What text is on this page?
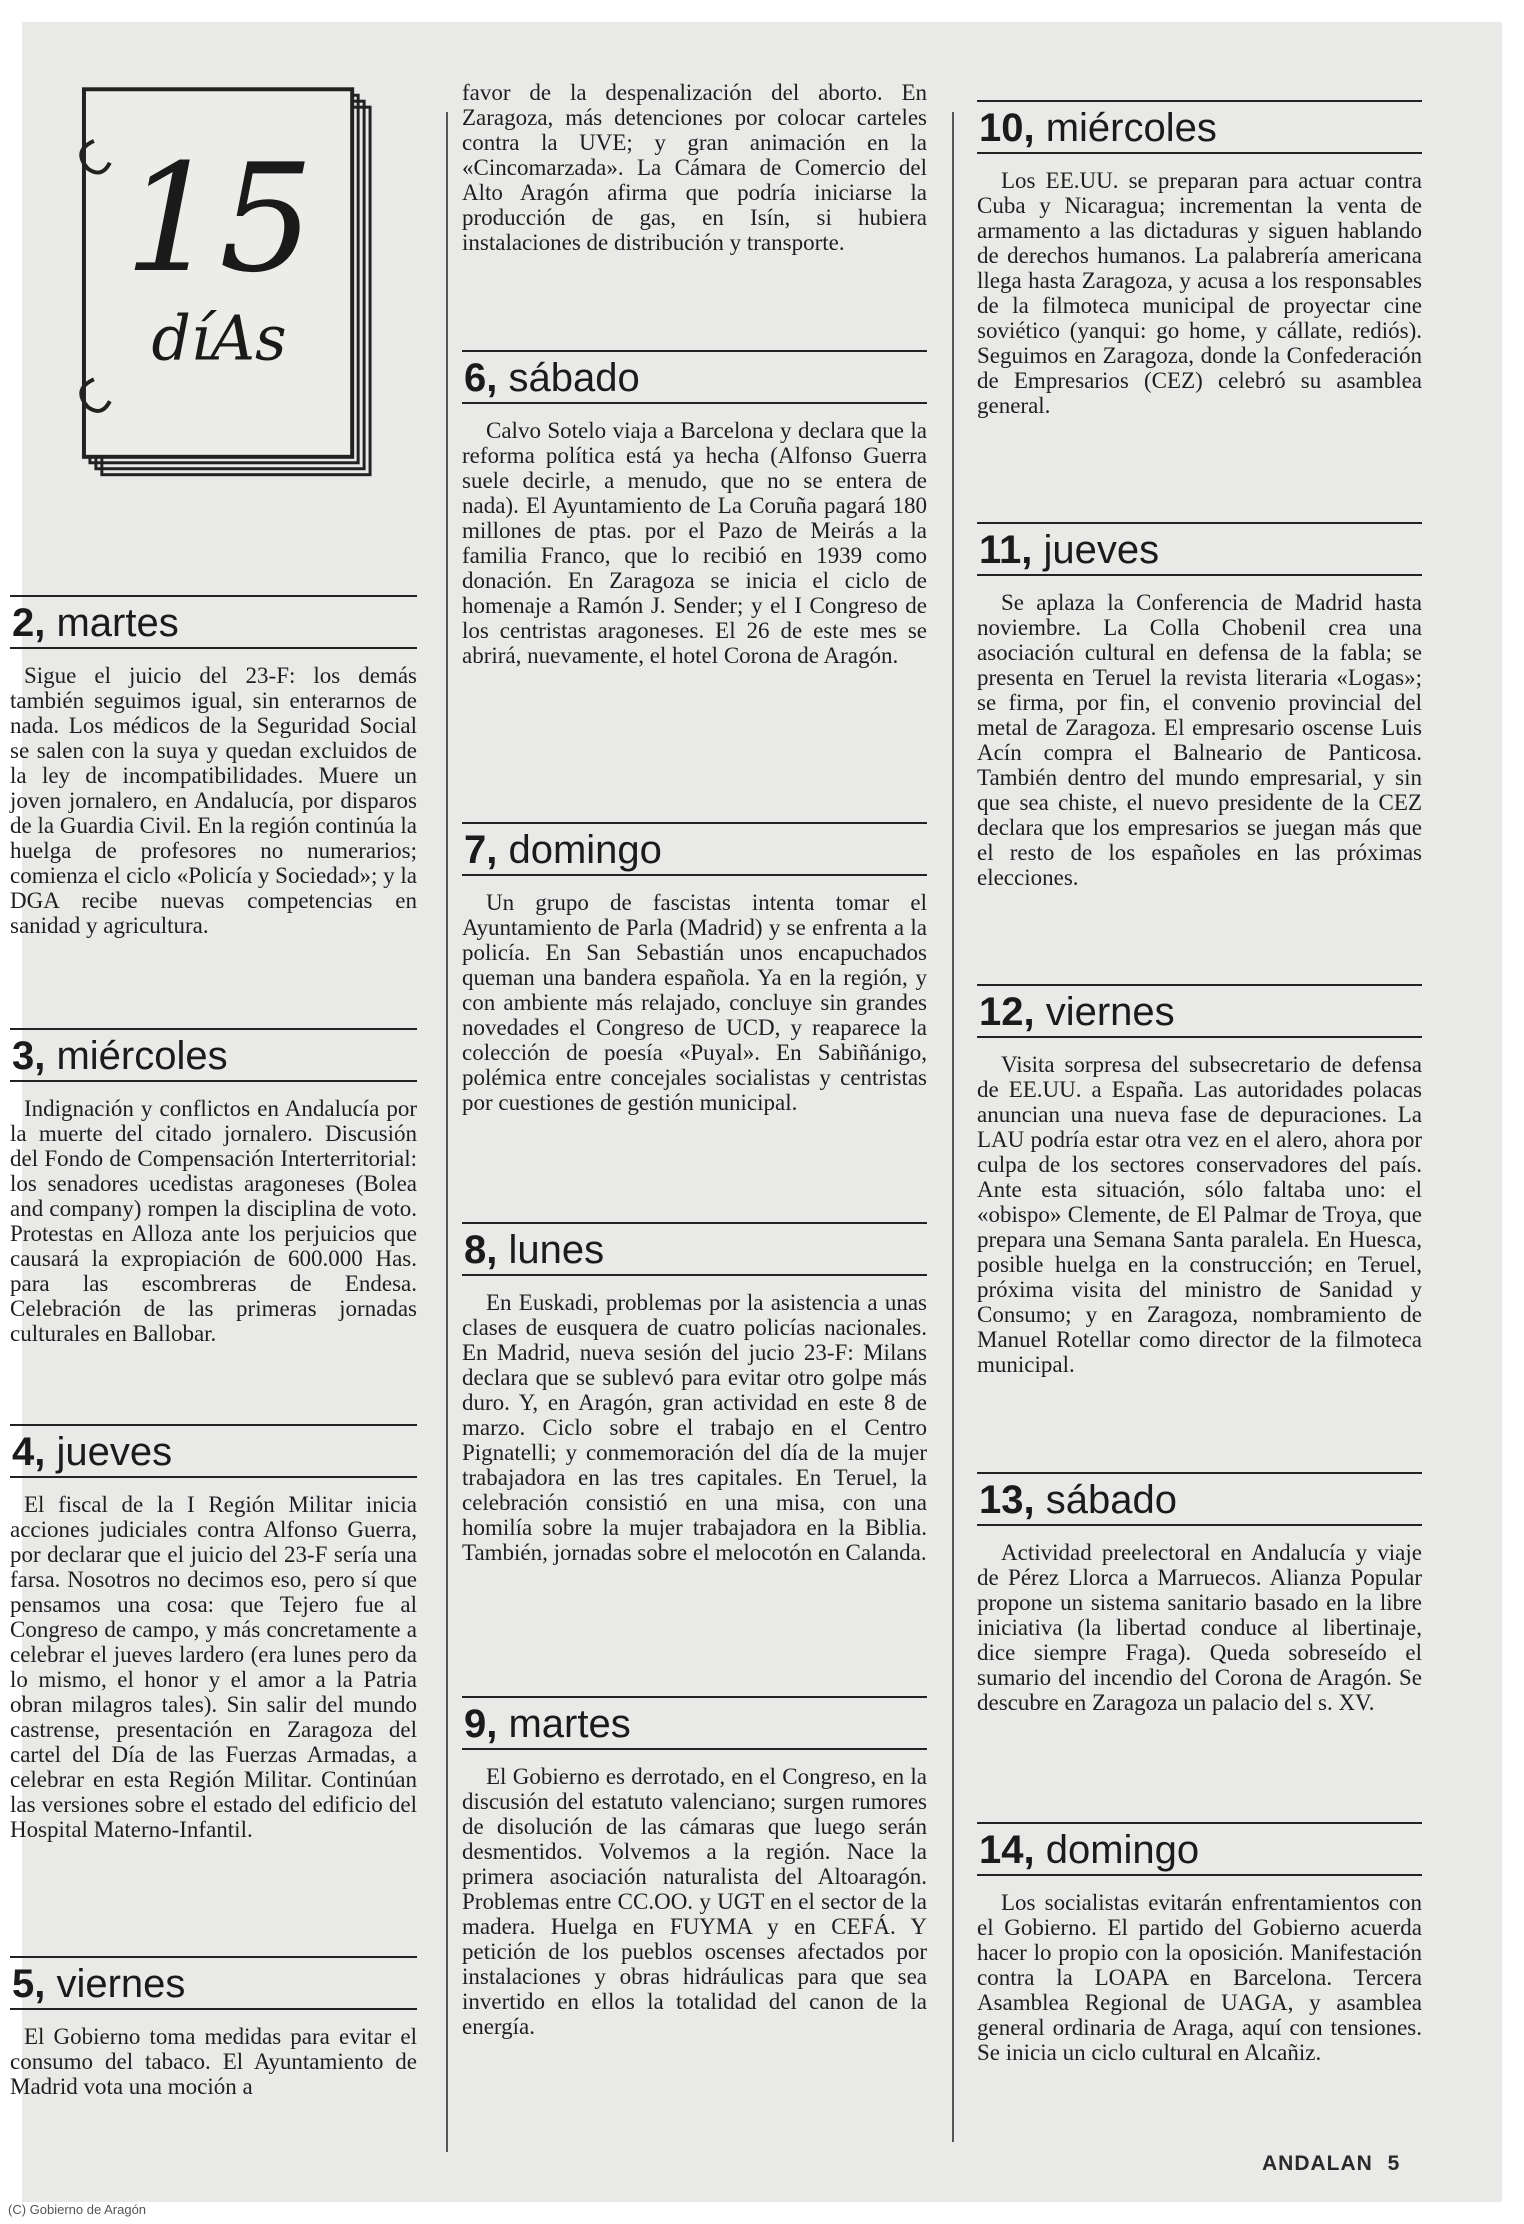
15
díAs
2, martes

Sigue el juicio del 23-F: los demás también seguimos igual, sin enterarnos de nada. Los médicos de la Seguridad Social se salen con la suya y quedan excluidos de la ley de incompatibilidades. Muere un joven jornalero, en Andalucía, por disparos de la Guardia Civil. En la región continúa la huelga de profesores no numerarios; comienza el ciclo «Policía y Sociedad»; y la DGA recibe nuevas competencias en sanidad y agricultura.

3, miércoles

Indignación y conflictos en Andalucía por la muerte del citado jornalero. Discusión del Fondo de Compensación Interterritorial: los senadores ucedistas aragoneses (Bolea and company) rompen la disciplina de voto. Protestas en Alloza ante los perjuicios que causará la expropiación de 600.000 Has. para las escombreras de Endesa. Celebración de las primeras jornadas culturales en Ballobar.

4, jueves

El fiscal de la I Región Militar inicia acciones judiciales contra Alfonso Guerra, por declarar que el juicio del 23-F sería una farsa. Nosotros no decimos eso, pero sí que pensamos una cosa: que Tejero fue al Congreso de campo, y más concretamente a celebrar el jueves lardero (era lunes pero da lo mismo, el honor y el amor a la Patria obran milagros tales). Sin salir del mundo castrense, presentación en Zaragoza del cartel del Día de las Fuerzas Armadas, a celebrar en esta Región Militar. Continúan las versiones sobre el estado del edificio del Hospital Materno-Infantil.

5, viernes

El Gobierno toma medidas para evitar el consumo del tabaco. El Ayuntamiento de Madrid vota una moción a

favor de la despenalización del aborto. En Zaragoza, más detenciones por colocar carteles contra la UVE; y gran animación en la «Cincomarzada». La Cámara de Comercio del Alto Aragón afirma que podría iniciarse la producción de gas, en Isín, si hubiera instalaciones de distribución y transporte.

6, sábado

Calvo Sotelo viaja a Barcelona y declara que la reforma política está ya hecha (Alfonso Guerra suele decirle, a menudo, que no se entera de nada). El Ayuntamiento de La Coruña pagará 180 millones de ptas. por el Pazo de Meirás a la familia Franco, que lo recibió en 1939 como donación. En Zaragoza se inicia el ciclo de homenaje a Ramón J. Sender; y el I Congreso de los centristas aragoneses. El 26 de este mes se abrirá, nuevamente, el hotel Corona de Aragón.

7, domingo

Un grupo de fascistas intenta tomar el Ayuntamiento de Parla (Madrid) y se enfrenta a la policía. En San Sebastián unos encapuchados queman una bandera española. Ya en la región, y con ambiente más relajado, concluye sin grandes novedades el Congreso de UCD, y reaparece la colección de poesía «Puyal». En Sabiñánigo, polémica entre concejales socialistas y centristas por cuestiones de gestión municipal.

8, lunes

En Euskadi, problemas por la asistencia a unas clases de eusquera de cuatro policías nacionales. En Madrid, nueva sesión del jucio 23-F: Milans declara que se sublevó para evitar otro golpe más duro. Y, en Aragón, gran actividad en este 8 de marzo. Ciclo sobre el trabajo en el Centro Pignatelli; y conmemoración del día de la mujer trabajadora en las tres capitales. En Teruel, la celebración consistió en una misa, con una homilía sobre la mujer trabajadora en la Biblia. También, jornadas sobre el melocotón en Calanda.

9, martes

El Gobierno es derrotado, en el Congreso, en la discusión del estatuto valenciano; surgen rumores de disolución de las cámaras que luego serán desmentidos. Volvemos a la región. Nace la primera asociación naturalista del Altoaragón. Problemas entre CC.OO. y UGT en el sector de la madera. Huelga en FUYMA y en CEFÁ. Y petición de los pueblos oscenses afectados por instalaciones y obras hidráulicas para que sea invertido en ellos la totalidad del canon de la energía.

10, miércoles

Los EE.UU. se preparan para actuar contra Cuba y Nicaragua; incrementan la venta de armamento a las dictaduras y siguen hablando de derechos humanos. La palabrería americana llega hasta Zaragoza, y acusa a los responsables de la filmoteca municipal de proyectar cine soviético (yanqui: go home, y cállate, rediós). Seguimos en Zaragoza, donde la Confederación de Empresarios (CEZ) celebró su asamblea general.

11, jueves

Se aplaza la Conferencia de Madrid hasta noviembre. La Colla Chobenil crea una asociación cultural en defensa de la fabla; se presenta en Teruel la revista literaria «Logas»; se firma, por fin, el convenio provincial del metal de Zaragoza. El empresario oscense Luis Acín compra el Balneario de Panticosa. También dentro del mundo empresarial, y sin que sea chiste, el nuevo presidente de la CEZ declara que los empresarios se juegan más que el resto de los españoles en las próximas elecciones.

12, viernes

Visita sorpresa del subsecretario de defensa de EE.UU. a España. Las autoridades polacas anuncian una nueva fase de depuraciones. La LAU podría estar otra vez en el alero, ahora por culpa de los sectores conservadores del país. Ante esta situación, sólo faltaba uno: el «obispo» Clemente, de El Palmar de Troya, que prepara una Semana Santa paralela. En Huesca, posible huelga en la construcción; en Teruel, próxima visita del ministro de Sanidad y Consumo; y en Zaragoza, nombramiento de Manuel Rotellar como director de la filmoteca municipal.

13, sábado

Actividad preelectoral en Andalucía y viaje de Pérez Llorca a Marruecos. Alianza Popular propone un sistema sanitario basado en la libre iniciativa (la libertad conduce al libertinaje, dice siempre Fraga). Queda sobreseído el sumario del incendio del Corona de Aragón. Se descubre en Zaragoza un palacio del s. XV.

14, domingo

Los socialistas evitarán enfrentamientos con el Gobierno. El partido del Gobierno acuerda hacer lo propio con la oposición. Manifestación contra la LOAPA en Barcelona. Tercera Asamblea Regional de UAGA, y asamblea general ordinaria de Araga, aquí con tensiones. Se inicia un ciclo cultural en Alcañiz.

ANDALAN 5
(C) Gobierno de Aragón
